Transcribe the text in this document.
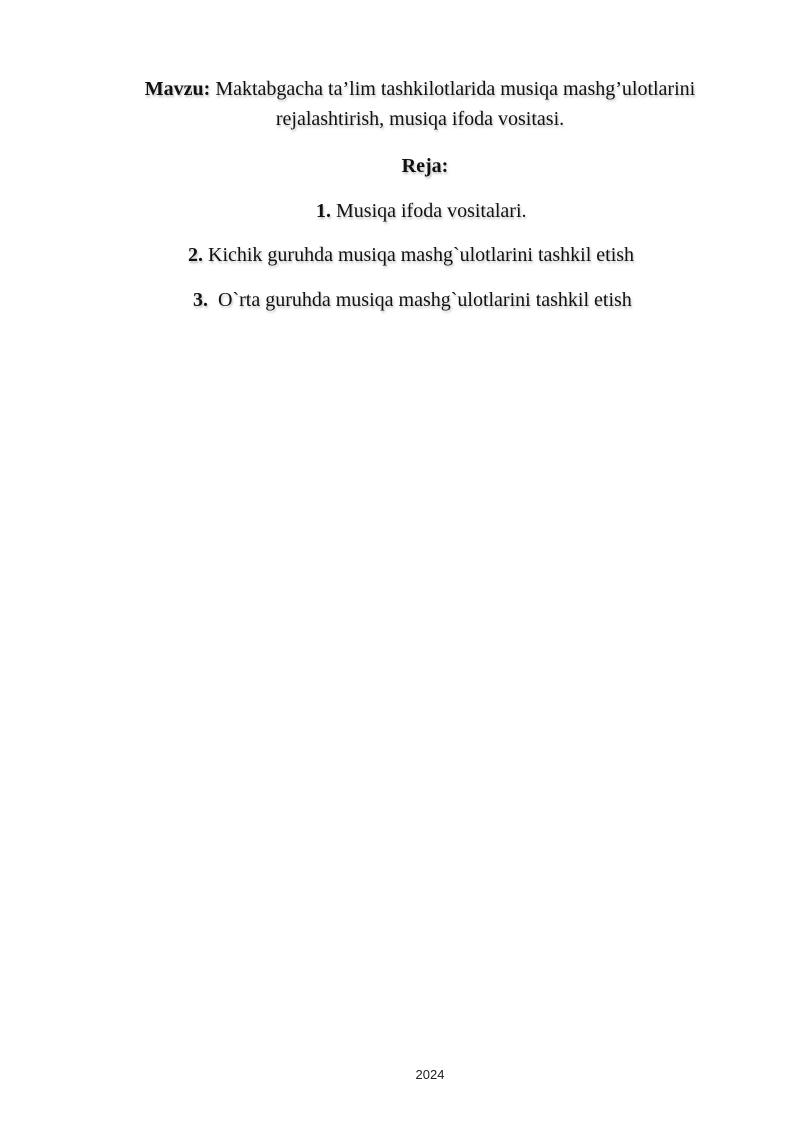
Mavzu: Maktabgacha ta’lim tashkilotlarida musiqa mashg’ulotlarini
rejalashtirish, musiqa ifoda vositasi.
Reja:
1. Musiqa ifoda vositalari.
2. Kichik guruhda musiqa mashg`ulotlarini tashkil etish
3.  O`rta guruhda musiqa mashg`ulotlarini tashkil etish
2024
